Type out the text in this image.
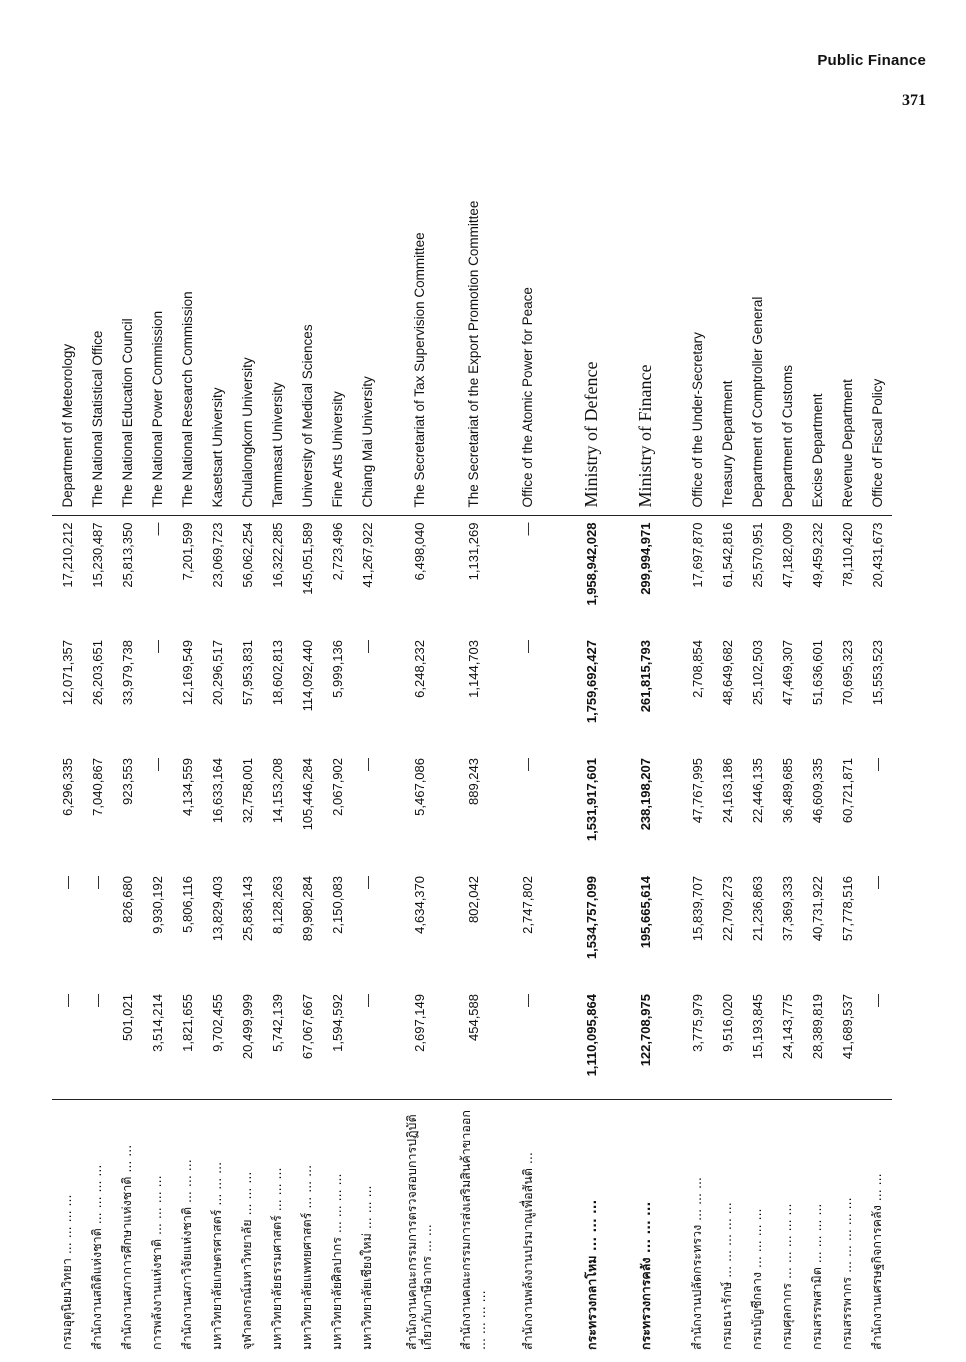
Public Finance
371
กรมอุตุนิยมวิทยา ... ... ... ...	—	—	6,296,335	12,071,357	17,210,212	Department of Meteorology
สำนักงานสถิติแห่งชาติ ... ... ... ...	—	—	7,040,867	26,203,651	15,230,487	The National Statistical Office
สำนักงานสภาการศึกษาแห่งชาติ ... ...	501,021	826,680	923,553	33,979,738	25,813,350	The National Education Council
การพลังงานแห่งชาติ ... ... ... ...	3,514,214	9,930,192	—	—	—	The National Power Commission
สำนักงานสภาวิจัยแห่งชาติ ... ... ...	1,821,655	5,806,116	4,134,559	12,169,549	7,201,599	The National Research Commission
มหาวิทยาลัยเกษตรศาสตร์ ... ... ...	9,702,455	13,829,403	16,633,164	20,296,517	23,069,723	Kasetsart University
จุฬาลงกรณ์มหาวิทยาลัย ... ... ...	20,499,999	25,836,143	32,758,001	57,953,831	56,062,254	Chulalongkorn University
มหาวิทยาลัยธรรมศาสตร์ ... ... ...	5,742,139	8,128,263	14,153,208	18,602,813	16,322,285	Tammasat University
มหาวิทยาลัยแพทยศาสตร์ ... ... ...	67,067,667	89,980,284	105,446,284	114,092,440	145,051,589	University of Medical Sciences
มหาวิทยาลัยศิลปากร ... ... ... ...	1,594,592	2,150,083	2,067,902	5,999,136	2,723,496	Fine Arts University
มหาวิทยาลัยเชียงใหม่ ... ... ...	—	—	—	—	41,267,922	Chiang Mai University

สำนักงานคณะกรรมการตรวจสอบการปฏิบัติเกี่ยวกับภาษีอากร ... ...	2,697,149	4,634,370	5,467,086	6,248,232	6,498,040	The Secretariat of Tax Supervision Committee
สำนักงานคณะกรรมการส่งเสริมสินค้าขาออก ... ... ... ...	454,588	802,042	889,243	1,144,703	1,131,269	The Secretariat of the Export Promotion Committee
สำนักงานพลังงานปรมาณูเพื่อสันติ ...	—	2,747,802	—	—	—	Office of the Atomic Power for Peace

กระทรวงกลาโหม ... ... ...	1,110,095,864	1,534,757,099	1,531,917,601	1,759,692,427	1,958,942,028	Ministry of Defence
กระทรวงการคลัง ... ... ...	122,708,975	195,665,614	238,198,207	261,815,793	299,994,971	Ministry of Finance

สำนักงานปลัดกระทรวง ... ... ...	3,775,979	15,839,707	47,767,995	2,708,854	17,697,870	Office of the Under-Secretary
กรมธนารักษ์ ... ... ... ... ...	9,516,020	22,709,273	24,163,186	48,649,682	61,542,816	Treasury Department
กรมบัญชีกลาง ... ... ... ...	15,193,845	21,236,863	22,446,135	25,102,503	25,570,951	Department of Comptroller General
กรมศุลกากร ... ... ... ... ...	24,143,775	37,369,333	36,489,685	47,469,307	47,182,009	Department of Customs
กรมสรรพสามิต ... ... ... ...	28,389,819	40,731,922	46,609,335	51,636,601	49,459,232	Excise Department
กรมสรรพากร ... ... ... ... ...	41,689,537	57,778,516	60,721,871	70,695,323	78,110,420	Revenue Department
สำนักงานเศรษฐกิจการคลัง ... ...	—	—	—	15,553,523	20,431,673	Office of Fiscal Policy
